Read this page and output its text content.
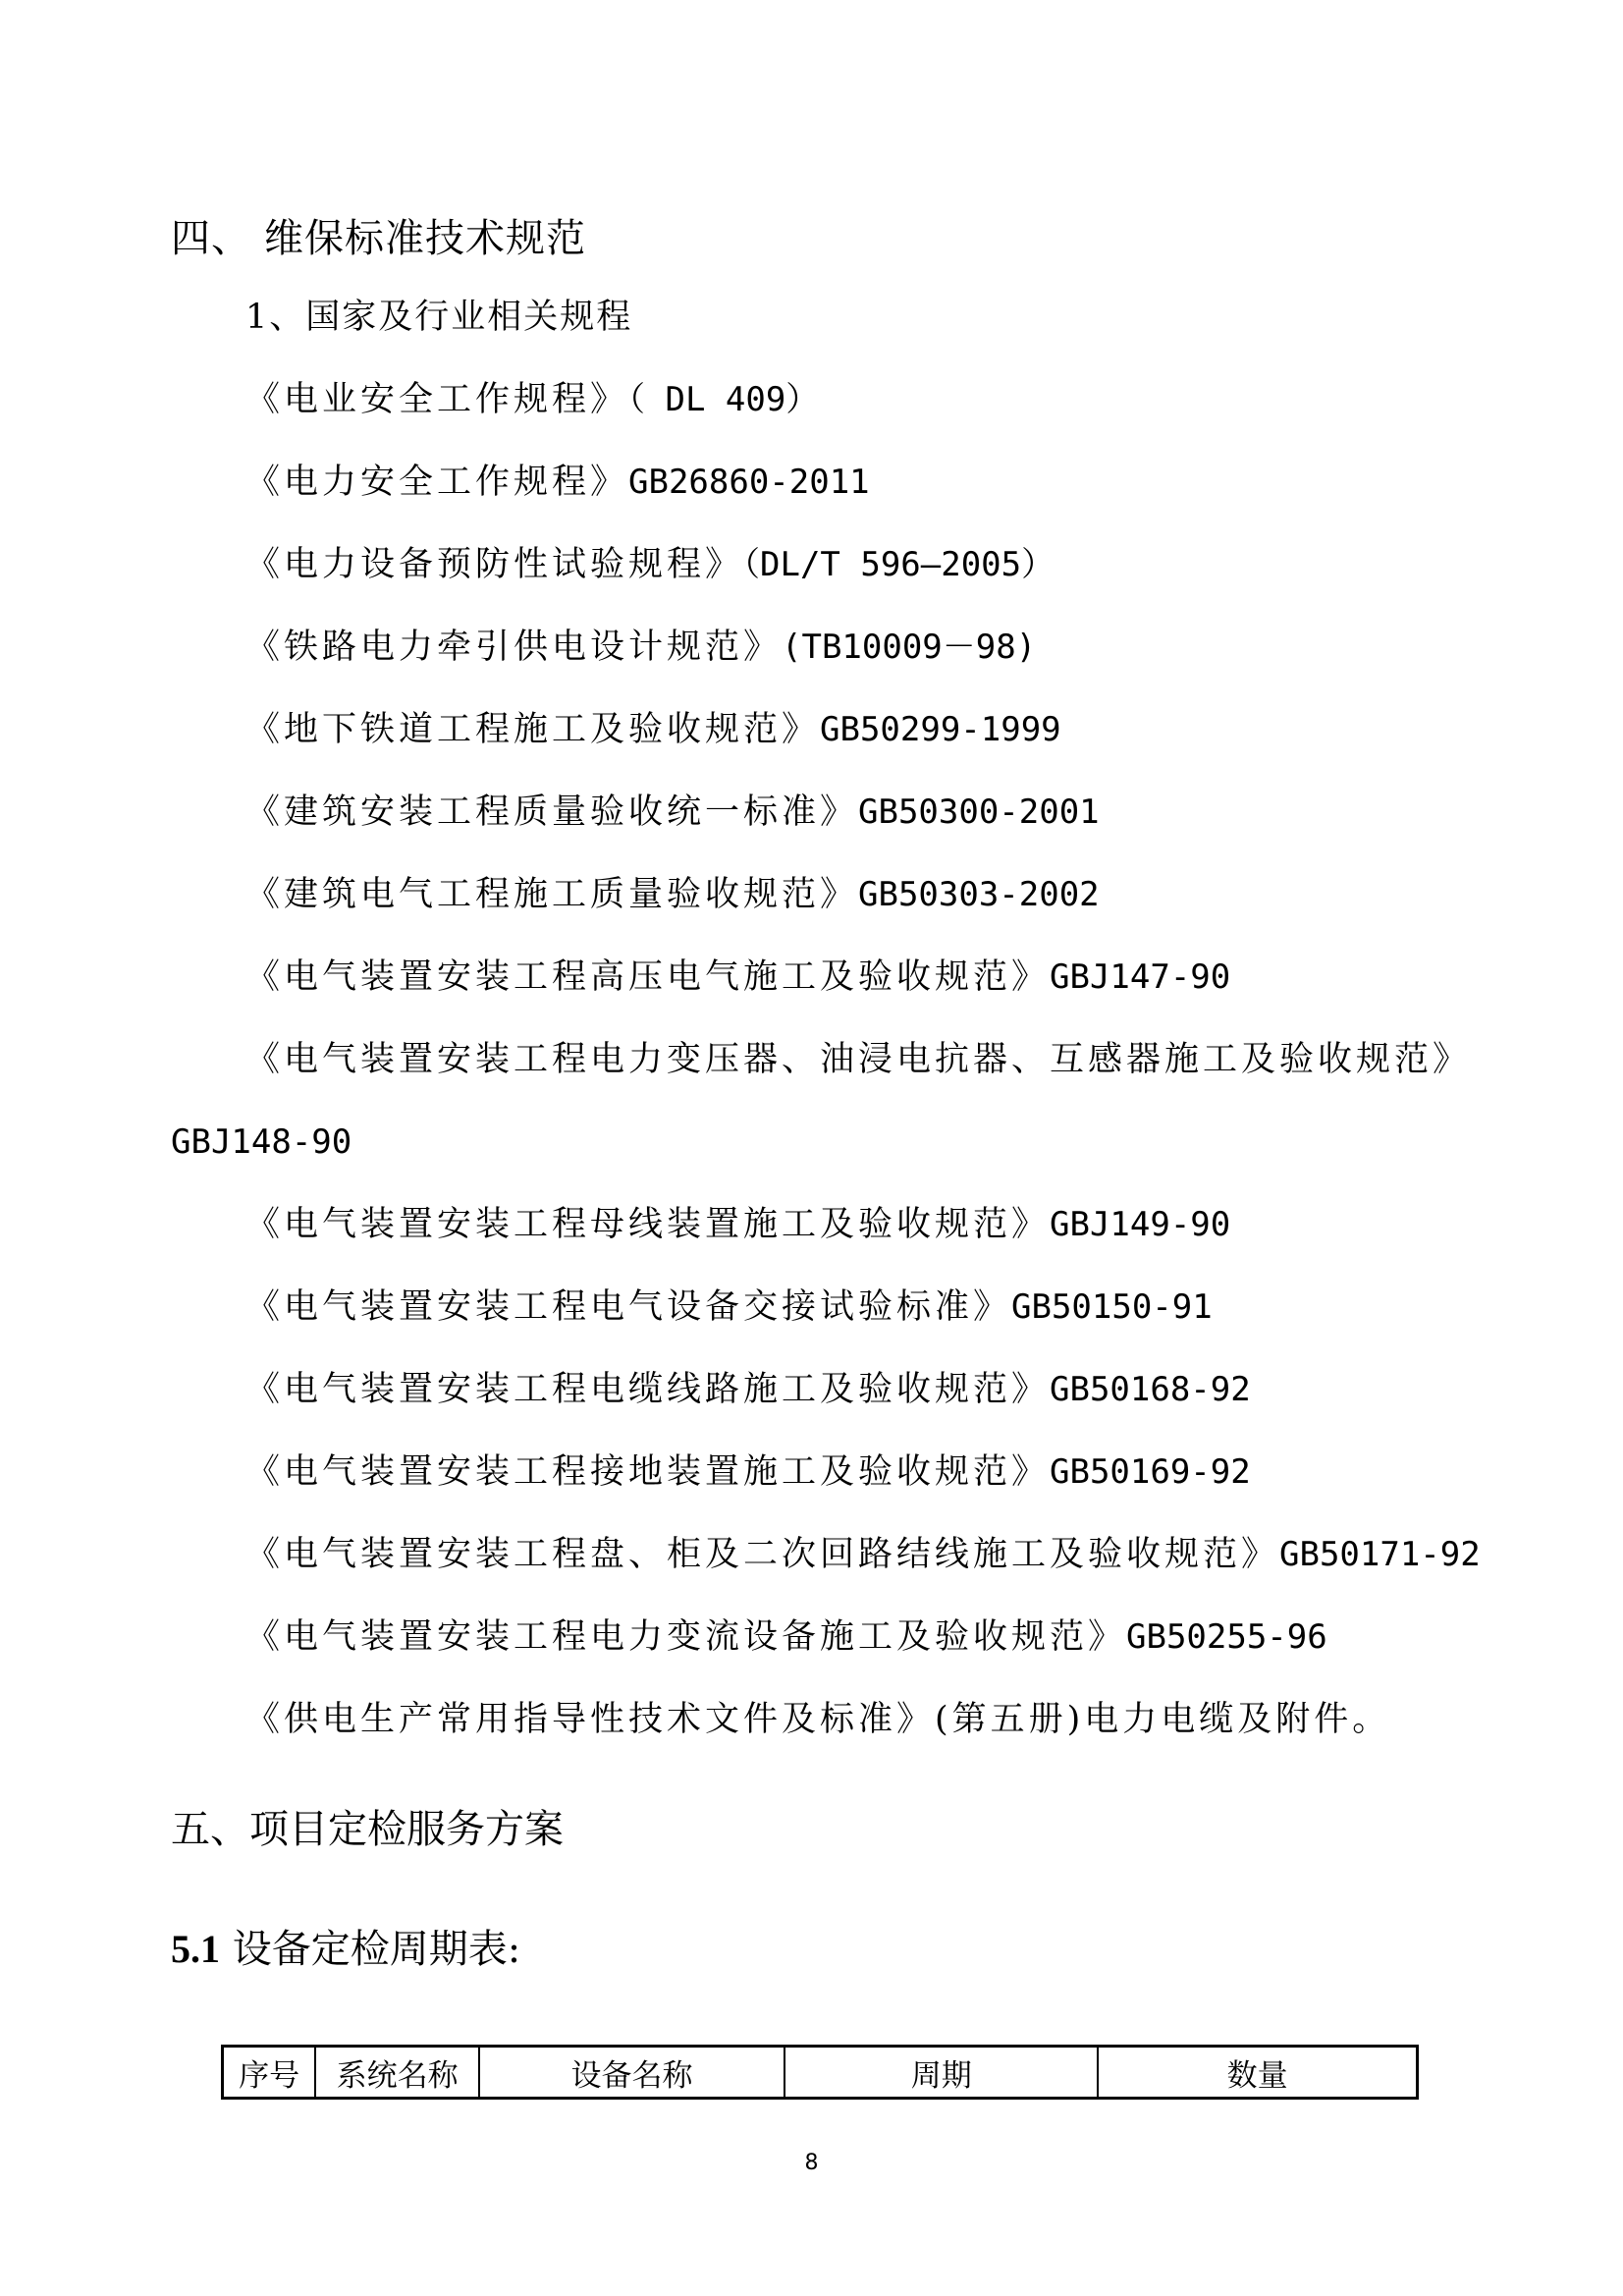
四、 维保标准技术规范
1、国家及行业相关规程
《电业安全工作规程》（ DL 409）
《电力安全工作规程》GB26860-2011
《电力设备预防性试验规程》（DL/T 596—2005）
《铁路电力牵引供电设计规范》(TB10009－98)
《地下铁道工程施工及验收规范》GB50299-1999
《建筑安装工程质量验收统一标准》GB50300-2001
《建筑电气工程施工质量验收规范》GB50303-2002
《电气装置安装工程高压电气施工及验收规范》GBJ147-90
《电气装置安装工程电力变压器、油浸电抗器、互感器施工及验收规范》
GBJ148-90
《电气装置安装工程母线装置施工及验收规范》GBJ149-90
《电气装置安装工程电气设备交接试验标准》GB50150-91
《电气装置安装工程电缆线路施工及验收规范》GB50168-92
《电气装置安装工程接地装置施工及验收规范》GB50169-92
《电气装置安装工程盘、柜及二次回路结线施工及验收规范》GB50171-92
《电气装置安装工程电力变流设备施工及验收规范》GB50255-96
《供电生产常用指导性技术文件及标准》(第五册)电力电缆及附件。
五、项目定检服务方案
5.1 设备定检周期表:
序号	系统名称	设备名称	周期	数量
8
